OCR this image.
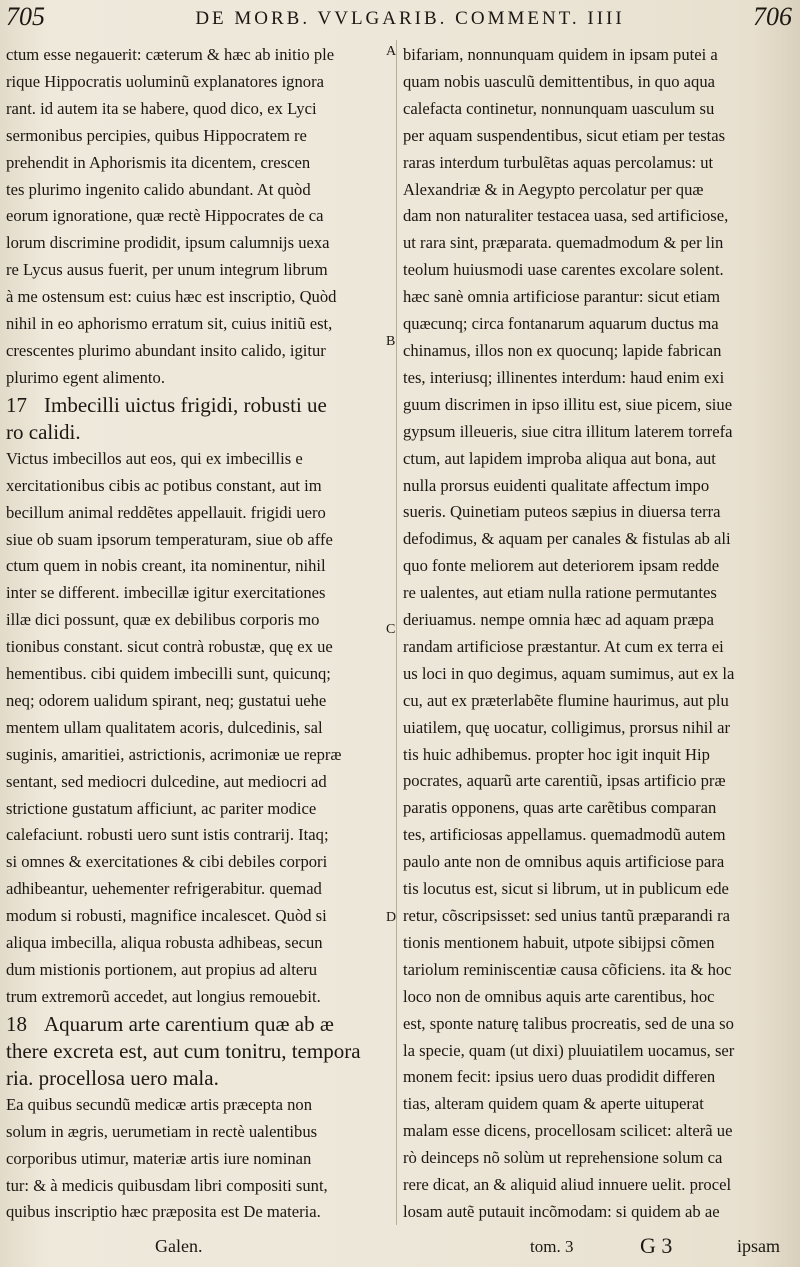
705	DE MORB. VVLGARIB. COMMENT. IIII	706
A
B
C
D
ctum esse negauerit: cæterum & hæc ab initio ple
rique Hippocratis uoluminũ explanatores ignora
rant. id autem ita se habere, quod dico, ex Lyci
sermonibus percipies, quibus Hippocratem re
prehendit in Aphorismis ita dicentem, crescen
tes plurimo ingenito calido abundant. At quòd
eorum ignoratione, quæ rectè Hippocrates de ca
lorum discrimine prodidit, ipsum calumnijs uexa
re Lycus ausus fuerit, per unum integrum librum
à me ostensum est: cuius hæc est inscriptio, Quòd
nihil in eo aphorismo erratum sit, cuius initiũ est,
crescentes plurimo abundant insito calido, igitur
plurimo egent alimento.
17 Imbecilli uictus frigidi, robusti ue
ro calidi.
Victus imbecillos aut eos, qui ex imbecillis e
xercitationibus cibis ac potibus constant, aut im
becillum animal reddẽtes appellauit. frigidi uero
siue ob suam ipsorum temperaturam, siue ob affe
ctum quem in nobis creant, ita nominentur, nihil
inter se different. imbecillæ igitur exercitationes
illæ dici possunt, quæ ex debilibus corporis mo
tionibus constant. sicut contrà robustæ, quę ex ue
hementibus. cibi quidem imbecilli sunt, quicunq;
neq; odorem ualidum spirant, neq; gustatui uehe
mentem ullam qualitatem acoris, dulcedinis, sal
suginis, amaritiei, astrictionis, acrimoniæ ue repræ
sentant, sed mediocri dulcedine, aut mediocri ad
strictione gustatum afficiunt, ac pariter modice
calefaciunt. robusti uero sunt istis contrarij. Itaq;
si omnes & exercitationes & cibi debiles corpori
adhibeantur, uehementer refrigerabitur. quemad
modum si robusti, magnifice incalescet. Quòd si
aliqua imbecilla, aliqua robusta adhibeas, secun
dum mistionis portionem, aut propius ad alteru
trum extremorũ accedet, aut longius remouebit.
18 Aquarum arte carentium quæ ab æ
there excreta est, aut cum tonitru, tempora
ria. procellosa uero mala.
Ea quibus secundũ medicæ artis præcepta non
solum in ægris, uerumetiam in rectè ualentibus
corporibus utimur, materiæ artis iure nominan
tur: & à medicis quibusdam libri compositi sunt,
quibus inscriptio hæc præposita est De materia.
bifariam, nonnunquam quidem in ipsam putei a
quam nobis uasculũ demittentibus, in quo aqua
calefacta continetur, nonnunquam uasculum su
per aquam suspendentibus, sicut etiam per testas
raras interdum turbulẽtas aquas percolamus: ut
Alexandriæ & in Aegypto percolatur per quæ
dam non naturaliter testacea uasa, sed artificiose,
ut rara sint, præparata. quemadmodum & per lin
teolum huiusmodi uase carentes excolare solent.
hæc sanè omnia artificiose parantur: sicut etiam
quæcunq; circa fontanarum aquarum ductus ma
chinamus, illos non ex quocunq; lapide fabrican
tes, interiusq; illinentes interdum: haud enim exi
guum discrimen in ipso illitu est, siue picem, siue
gypsum illeueris, siue citra illitum laterem torrefa
ctum, aut lapidem improba aliqua aut bona, aut
nulla prorsus euidenti qualitate affectum impo
sueris. Quinetiam puteos sæpius in diuersa terra
defodimus, & aquam per canales & fistulas ab ali
quo fonte meliorem aut deteriorem ipsam redde
re ualentes, aut etiam nulla ratione permutantes
deriuamus. nempe omnia hæc ad aquam præpa
randam artificiose præstantur. At cum ex terra ei
us loci in quo degimus, aquam sumimus, aut ex la
cu, aut ex præterlabẽte flumine haurimus, aut plu
uiatilem, quę uocatur, colligimus, prorsus nihil ar
tis huic adhibemus. propter hoc igit inquit Hip
pocrates, aquarũ arte carentiũ, ipsas artificio præ
paratis opponens, quas arte carẽtibus comparan
tes, artificiosas appellamus. quemadmodũ autem
paulo ante non de omnibus aquis artificiose para
tis locutus est, sicut si librum, ut in publicum ede
retur, cõscripsisset: sed unius tantũ præparandi ra
tionis mentionem habuit, utpote sibijpsi cõmen
tariolum reminiscentiæ causa cõficiens. ita & hoc
loco non de omnibus aquis arte carentibus, hoc
est, sponte naturę talibus procreatis, sed de una so
la specie, quam (ut dixi) pluuiatilem uocamus, ser
monem fecit: ipsius uero duas prodidit differen
tias, alteram quidem quam & aperte uituperat
malam esse dicens, procellosam scilicet: alterã ue
rò deinceps nõ solùm ut reprehensione solum ca
rere dicat, an & aliquid aliud innuere uelit. procel
losam autẽ putauit incõmodam: si quidem ab ae
Galen.	tom. 3	G 3	ipsam
